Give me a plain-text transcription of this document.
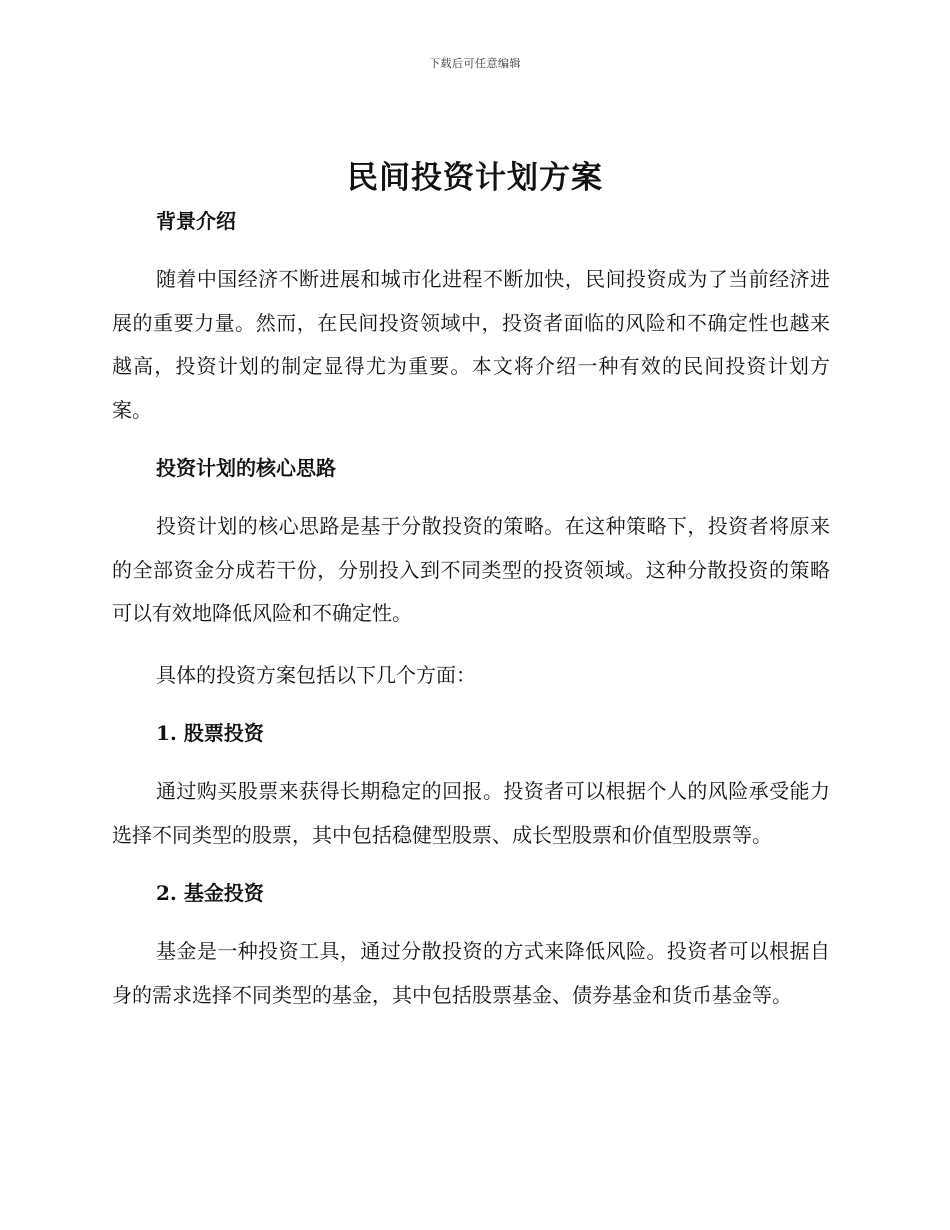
下载后可任意编辑
民间投资计划方案
背景介绍

随着中国经济不断进展和城市化进程不断加快，民间投资成为了当前经济进展的重要力量。然而，在民间投资领域中，投资者面临的风险和不确定性也越来越高，投资计划的制定显得尤为重要。本文将介绍一种有效的民间投资计划方案。

投资计划的核心思路

投资计划的核心思路是基于分散投资的策略。在这种策略下，投资者将原来的全部资金分成若干份，分别投入到不同类型的投资领域。这种分散投资的策略可以有效地降低风险和不确定性。

具体的投资方案包括以下几个方面：

1. 股票投资

通过购买股票来获得长期稳定的回报。投资者可以根据个人的风险承受能力选择不同类型的股票，其中包括稳健型股票、成长型股票和价值型股票等。

2. 基金投资

基金是一种投资工具，通过分散投资的方式来降低风险。投资者可以根据自身的需求选择不同类型的基金，其中包括股票基金、债券基金和货币基金等。
